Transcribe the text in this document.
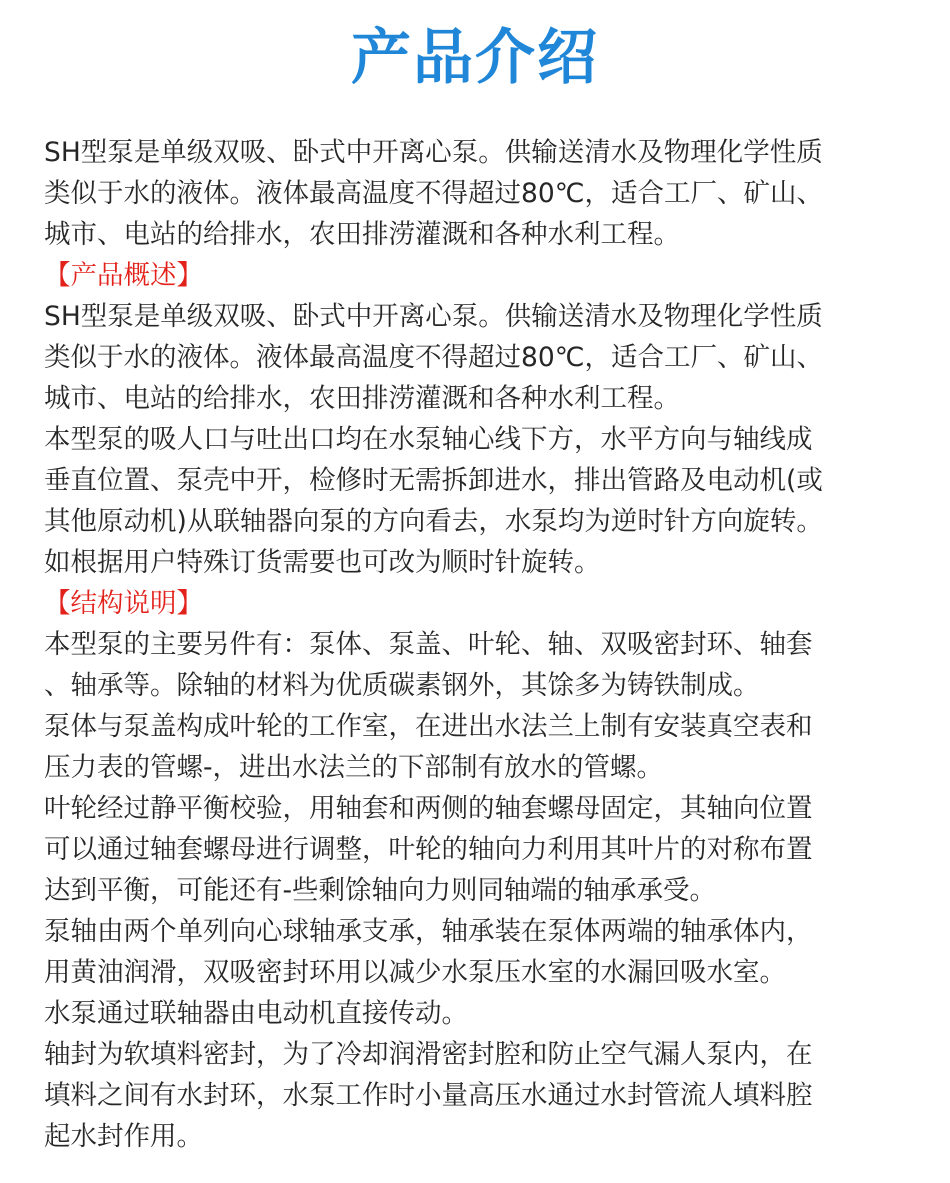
产品介绍
SH型泵是单级双吸、卧式中开离心泵。供输送清水及物理化学性质
类似于水的液体。液体最高温度不得超过80℃，适合工厂、矿山、
城市、电站的给排水，农田排涝灌溉和各种水利工程。
【产品概述】
SH型泵是单级双吸、卧式中开离心泵。供输送清水及物理化学性质
类似于水的液体。液体最高温度不得超过80℃，适合工厂、矿山、
城市、电站的给排水，农田排涝灌溉和各种水利工程。
本型泵的吸人口与吐出口均在水泵轴心线下方，水平方向与轴线成
垂直位置、泵壳中开，检修时无需拆卸进水，排出管路及电动机(或
其他原动机)从联轴器向泵的方向看去，水泵均为逆时针方向旋转。
如根据用户特殊订货需要也可改为顺时针旋转。
【结构说明】
本型泵的主要另件有：泵体、泵盖、叶轮、轴、双吸密封环、轴套
、轴承等。除轴的材料为优质碳素钢外，其馀多为铸铁制成。
泵体与泵盖构成叶轮的工作室，在进出水法兰上制有安装真空表和
压力表的管螺-，进出水法兰的下部制有放水的管螺。
叶轮经过静平衡校验，用轴套和两侧的轴套螺母固定，其轴向位置
可以通过轴套螺母进行调整，叶轮的轴向力利用其叶片的对称布置
达到平衡，可能还有-些剩馀轴向力则同轴端的轴承承受。
泵轴由两个单列向心球轴承支承，轴承装在泵体两端的轴承体内，
用黄油润滑，双吸密封环用以减少水泵压水室的水漏回吸水室。
水泵通过联轴器由电动机直接传动。
轴封为软填料密封，为了冷却润滑密封腔和防止空气漏人泵内，在
填料之间有水封环，水泵工作时小量高压水通过水封管流人填料腔
起水封作用。
